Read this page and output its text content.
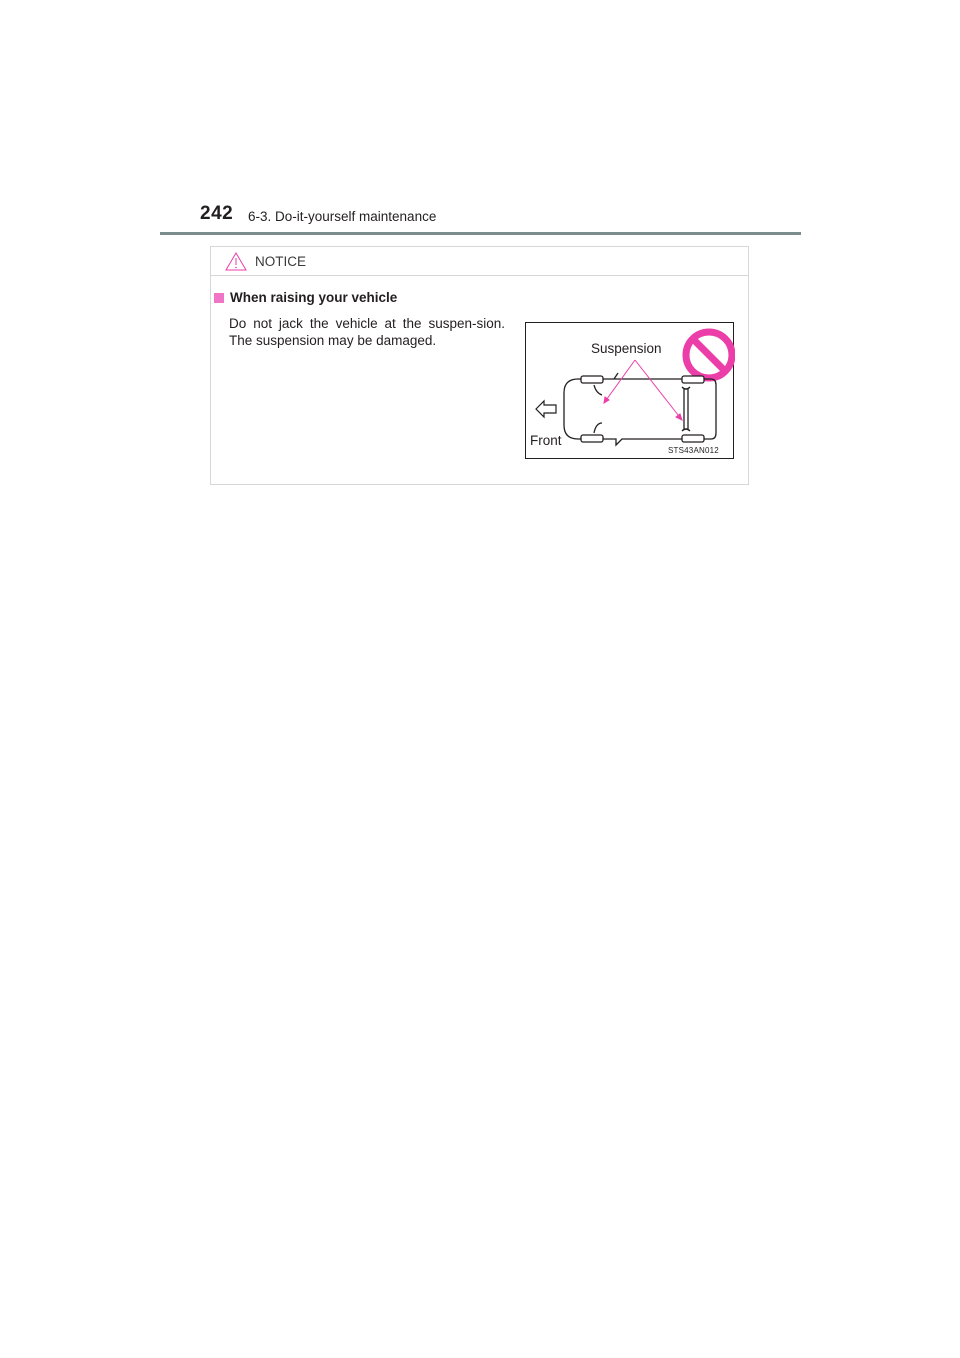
242 6-3. Do-it-yourself maintenance
NOTICE
When raising your vehicle
Do not jack the vehicle at the suspen-sion. The suspension may be damaged.
Suspension
Front
STS43AN012
